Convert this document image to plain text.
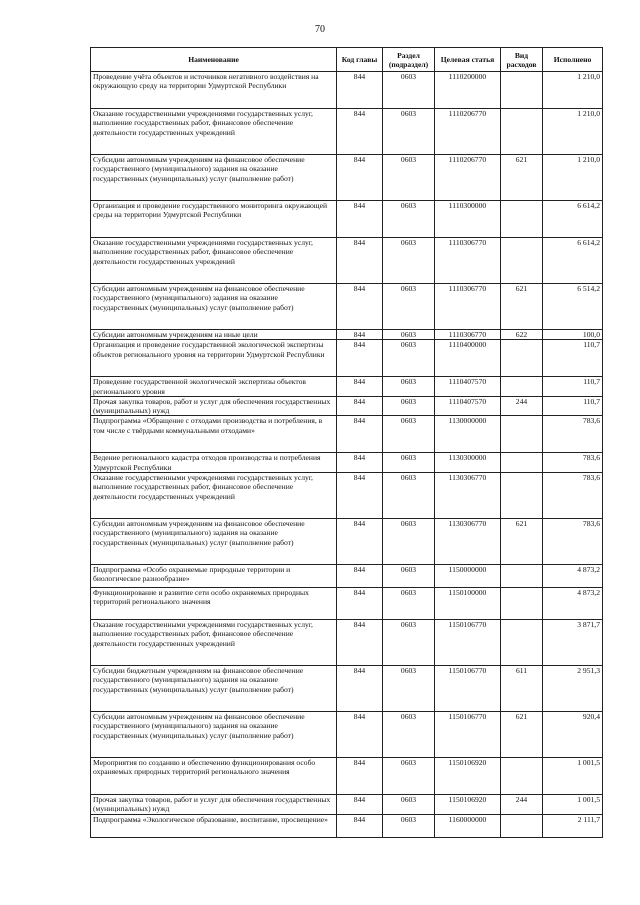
70
Наименование	Код главы	Раздел (подраздел)	Целевая статья	Вид расходов	Исполнено
Проведение учёта объектов и источников негативного воздействия на окружающую среду на территории Удмуртской Республики	844	0603	1110200000		1 210,0
Оказание государственными учреждениями государственных услуг, выполнение государственных работ, финансовое обеспечение деятельности государственных учреждений	844	0603	1110206770		1 210,0
Субсидии автономным учреждениям на финансовое обеспечение государственного (муниципального) задания на оказание государственных (муниципальных) услуг (выполнение работ)	844	0603	1110206770	621	1 210,0
Организация и проведение государственного мониторинга окружающей среды на территории Удмуртской Республики	844	0603	1110300000		6 614,2
Оказание государственными учреждениями государственных услуг, выполнение государственных работ, финансовое обеспечение деятельности государственных учреждений	844	0603	1110306770		6 614,2
Субсидии автономным учреждениям на финансовое обеспечение государственного (муниципального) задания на оказание государственных (муниципальных) услуг (выполнение работ)	844	0603	1110306770	621	6 514,2
Субсидии автономным учреждениям на иные цели	844	0603	1110306770	622	100,0
Организация и проведение государственной экологической экспертизы объектов регионального уровня на территории Удмуртской Республики	844	0603	1110400000		110,7
Проведение государственной экологической экспертизы объектов регионального уровня	844	0603	1110407570		110,7
Прочая закупка товаров, работ и услуг для обеспечения государственных (муниципальных) нужд	844	0603	1110407570	244	110,7
Подпрограмма «Обращение с отходами производства и потребления, в том числе с твёрдыми коммунальными отходами»	844	0603	1130000000		783,6
Ведение регионального кадастра отходов производства и потребления Удмуртской Республики	844	0603	1130300000		783,6
Оказание государственными учреждениями государственных услуг, выполнение государственных работ, финансовое обеспечение деятельности государственных учреждений	844	0603	1130306770		783,6
Субсидии автономным учреждениям на финансовое обеспечение государственного (муниципального) задания на оказание государственных (муниципальных) услуг (выполнение работ)	844	0603	1130306770	621	783,6
Подпрограмма «Особо охраняемые природные территории и биологическое разнообразие»	844	0603	1150000000		4 873,2
Функционирование и развитие сети особо охраняемых природных территорий регионального значения	844	0603	1150100000		4 873,2
Оказание государственными учреждениями государственных услуг, выполнение государственных работ, финансовое обеспечение деятельности государственных учреждений	844	0603	1150106770		3 871,7
Субсидии бюджетным учреждениям на финансовое обеспечение государственного (муниципального) задания на оказание государственных (муниципальных) услуг (выполнение работ)	844	0603	1150106770	611	2 951,3
Субсидии автономным учреждениям на финансовое обеспечение государственного (муниципального) задания на оказание государственных (муниципальных) услуг (выполнение работ)	844	0603	1150106770	621	920,4
Мероприятия по созданию и обеспечению функционирования особо охраняемых природных территорий регионального значения	844	0603	1150106920		1 001,5
Прочая закупка товаров, работ и услуг для обеспечения государственных (муниципальных) нужд	844	0603	1150106920	244	1 001,5
Подпрограмма «Экологическое образование, воспитание, просвещение»	844	0603	1160000000		2 111,7
